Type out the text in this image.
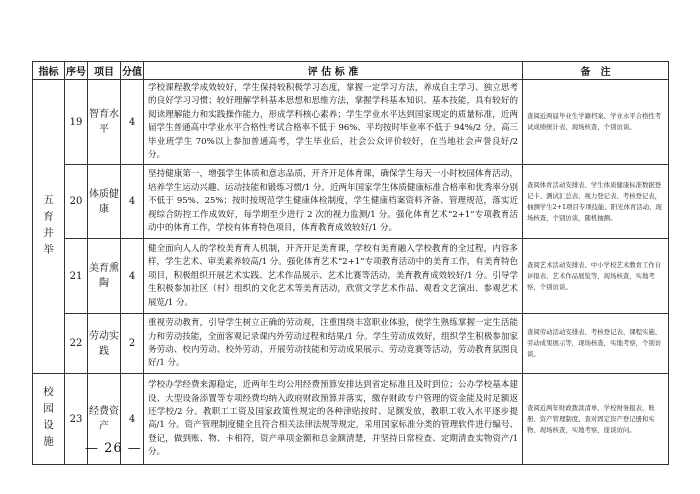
指标	序号	项目	分值	评 估 标 准	备　注
五育并举	19	智育水平	4	学校课程教学成效较好，学生保持较积极学习态度，掌握一定学习方法，养成自主学习、独立思考的良好学习习惯；较好理解学科基本思想和思维方法，掌握学科基本知识、基本技能，具有较好的阅读理解能力和实践操作能力，形成学科核心素养；学生学业水平达到国家规定的质量标准，近两届学生普通高中学业水平合格性考试合格率不低于 96%、平均按时毕业率不低于 94%/2 分。高三毕业班学生 70%以上参加普通高考，学生毕业后，社会公众评价较好，在当地社会声誉良好/2 分。	查阅近两届毕业生学籍档案、学业水平合格性考试成绩统计表、现场核查，个别访谈。
	20	体质健康	4	坚持健康第一，增强学生体质和意志品质，开齐开足体育课，确保学生每天一小时校园体育活动，培养学生运动兴趣、运动技能和锻炼习惯/1 分。近两年国家学生体质健康标准合格率和优秀率分别不低于 95%、25%；按时按规范学生健康体检制度，学生健康档案资料齐备、管理规范，落实近视综合防控工作成效好，每学期至少进行 2 次的视力监测/1 分。强化体育艺术“2+1”专项教育活动中的体育工作，学校有体育特色项目，体育教育成效较好/1 分。	查阅体育活动安排表、学生体质健康标准数据登记卡、测试汇总表、视力登记表、考核登记表，抽测学生2+1项目专项技能、阳光体育活动、现场核查，个别访谈，随机抽测。
	21	美育熏陶	4	健全面向人人的学校美育育人机制，开齐开足美育课，学校有美育融入学校教育的全过程，内容多样，学生艺术、审美素养较高/1 分。强化体育艺术“2+1”专项教育活动中的美育工作，有美育特色项目，积极组织开展艺术实践、艺术作品展示、艺术比赛等活动，美育教育成效较好/1 分。引导学生积极参加社区（村）组织的文化艺术等美育活动，欣赏文学艺术作品、观看文艺演出、参观艺术展览/1 分。	查阅艺术活动安排表、中小学校艺术教育工作自评报表、艺术作品展览等，现场核查，实地考察，个别访谈。
	22	劳动实践	2	重视劳动教育，引导学生树立正确的劳动观，注重围绕丰富职业体验，使学生熟练掌握一定生活能力和劳动技能，全面客观记录课内外劳动过程和结果/1 分。学生劳动成效好，组织学生积极参加家务劳动、校内劳动、校外劳动，开展劳动技能和劳动成果展示、劳动竞赛等活动，劳动教育氛围良好/1 分。	查阅劳动活动安排表、考核登记表、课程实施、劳动成果展示等，现场核查，实地考察，个别访谈。
校园设施	23	经费资产	4	学校办学经费来源稳定，近两年生均公用经费预算安排达到省定标准且及时到位；公办学校基本建设、大型设备添置等专项经费均纳入政府财政预算并落实，缴存财政专户管理的资金能及时足额返还学校/2 分。教职工工资及国家政策性规定的各种津贴按时、足额发放，教职工收入水平逐步提高/1 分。资产管理制度健全且符合相关法律法规等规定，采用国家标准分类的管理软件进行编号、登记，做到账、物、卡相符，资产单项金额和总金额清楚，并坚持日常检查、定期清查实物资产/1 分。	查阅近两年财政拨款清单、学校财务报表、账册、资产管理制度、查对固定资产登记册和实物、现场核查，实地考察，座谈访问。
— 26 —
